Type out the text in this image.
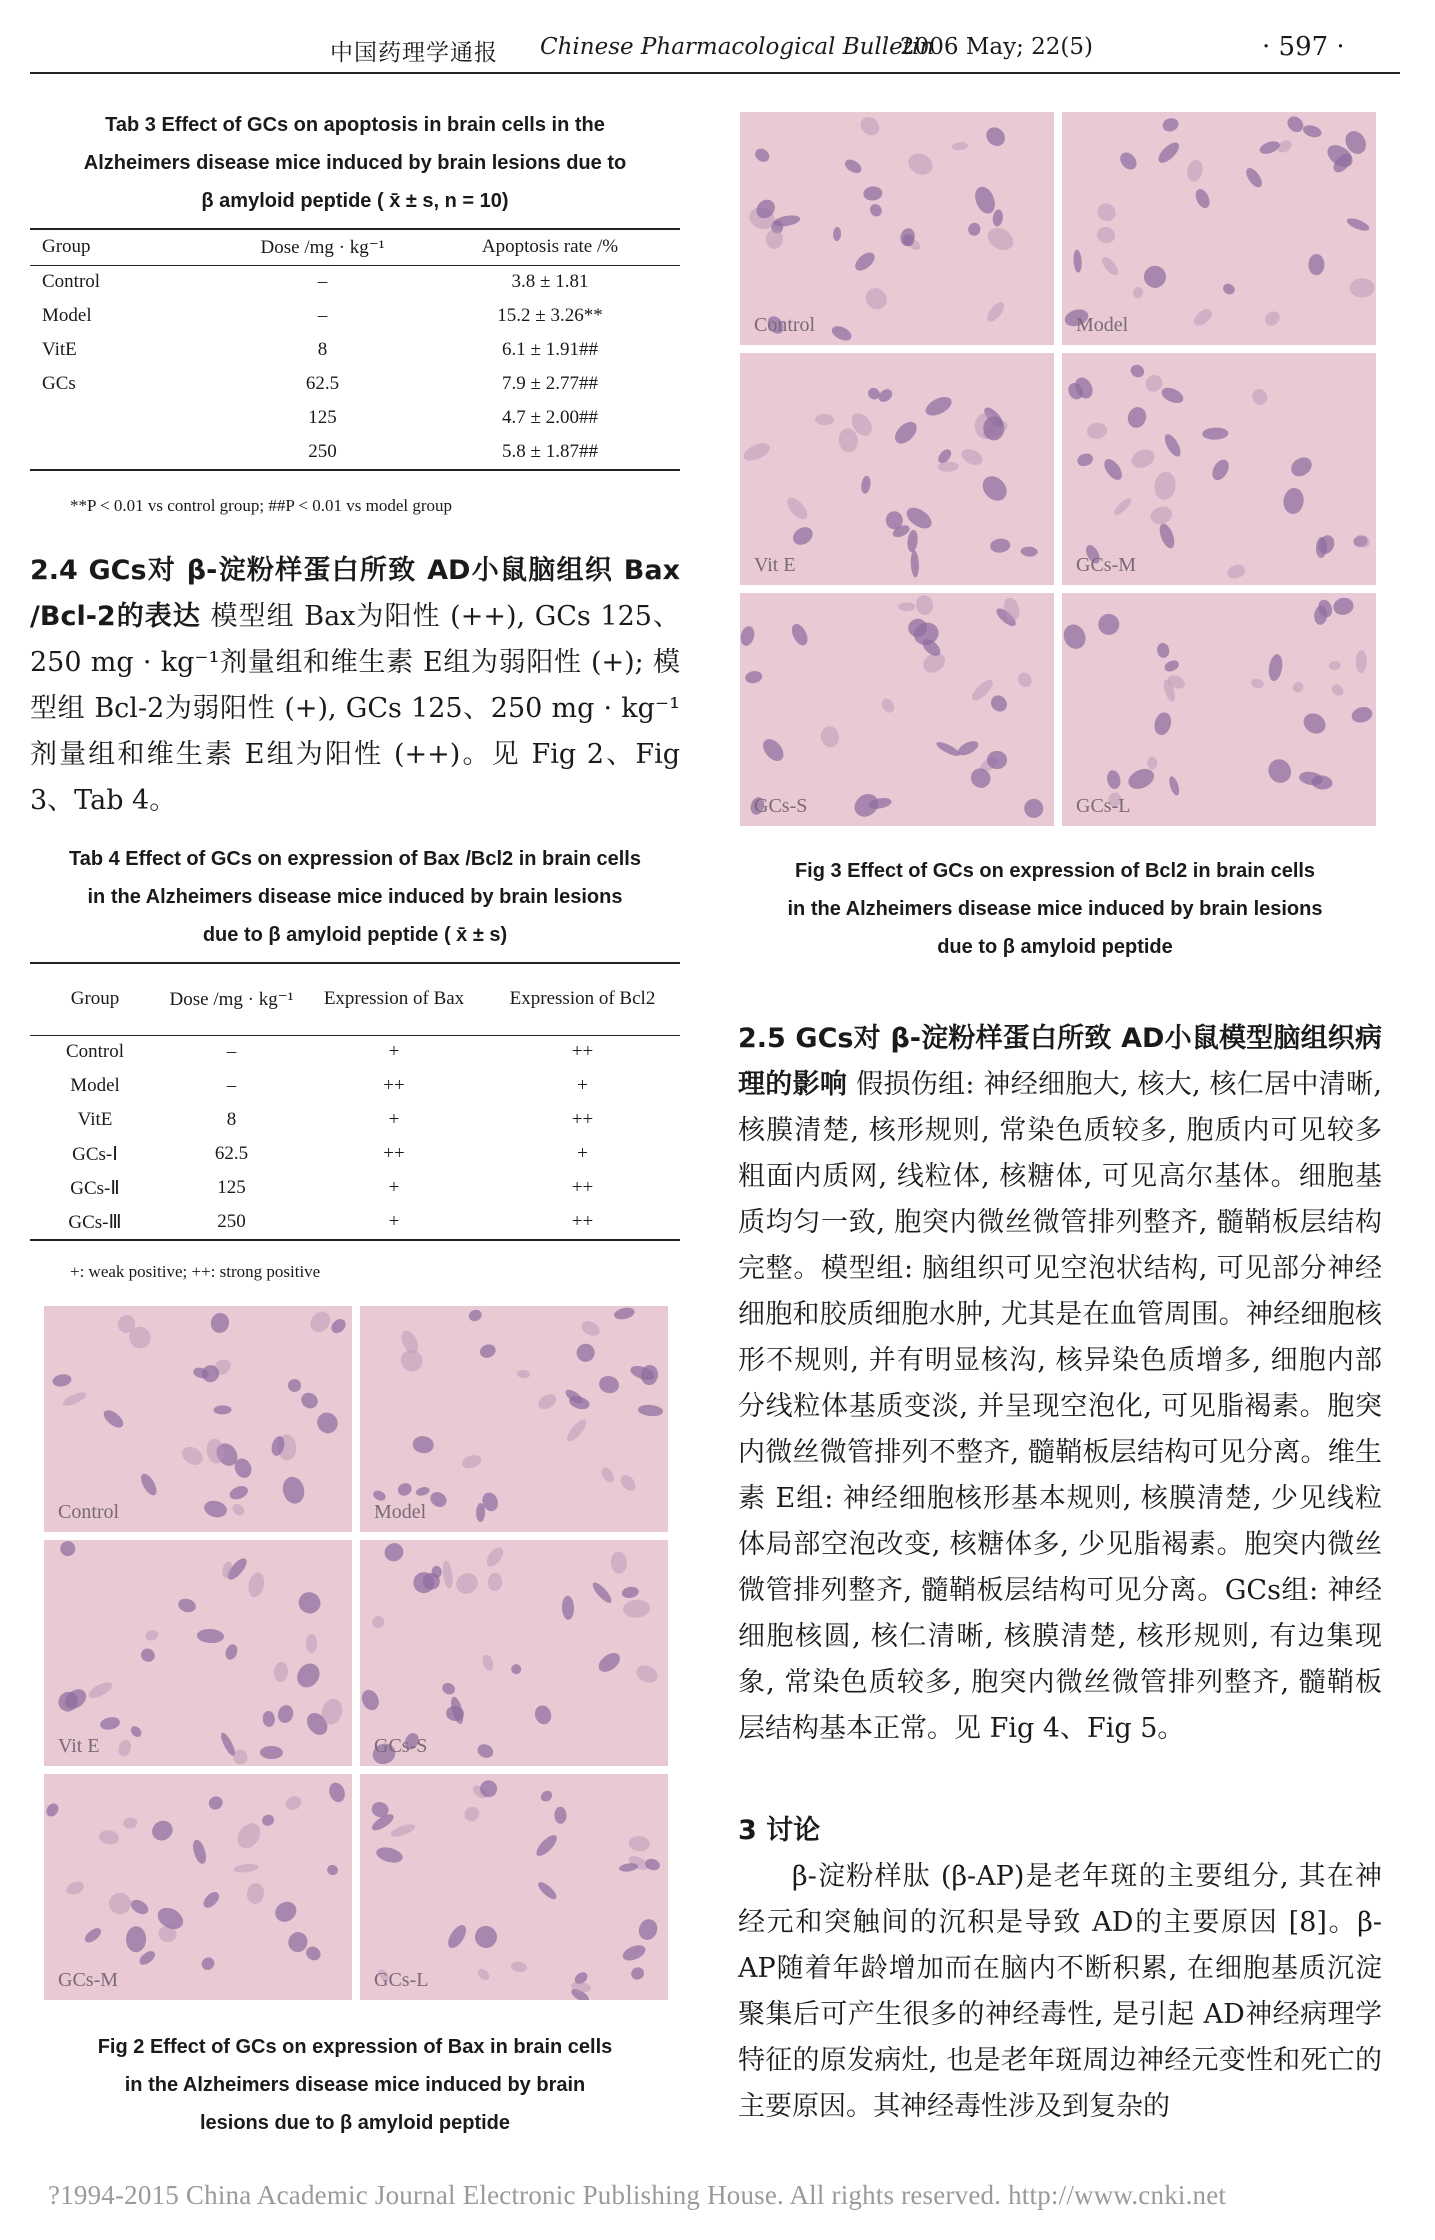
中国药理学通报 Chinese Pharmacological Bulletin
2006 May; 22(5)	· 597 ·
Tab 3 Effect of GCs on apoptosis in brain cells in the
Alzheimers disease mice induced by brain lesions due to
β amyloid peptide ( x̄ ± s, n = 10)
Group	Dose /mg · kg⁻¹	Apoptosis rate /%
Control	–	3.8 ± 1.81
Model	–	15.2 ± 3.26**
VitE	8	6.1 ± 1.91##
GCs	62.5	7.9 ± 2.77##
	125	4.7 ± 2.00##
	250	5.8 ± 1.87##
**P < 0.01 vs control group; ##P < 0.01 vs model group
2.4 GCs对 β-淀粉样蛋白所致 AD小鼠脑组织 Bax /Bcl-2的表达 模型组 Bax为阳性 (++), GCs 125、250 mg · kg⁻¹剂量组和维生素 E组为弱阳性 (+); 模型组 Bcl-2为弱阳性 (+), GCs 125、250 mg · kg⁻¹剂量组和维生素 E组为阳性 (++)。见 Fig 2、Fig 3、Tab 4。
Tab 4 Effect of GCs on expression of Bax /Bcl2 in brain cells
in the Alzheimers disease mice induced by brain lesions
due to β amyloid peptide ( x̄ ± s)
Group	Dose /mg · kg⁻¹	Expression of Bax	Expression of Bcl2
Control	–	+	++
Model	–	++	+
VitE	8	+	++
GCs-Ⅰ	62.5	++	+
GCs-Ⅱ	125	+	++
GCs-Ⅲ	250	+	++
+: weak positive; ++: strong positive
Control	Model
Vit E	GCs-S
GCs-M	GCs-L
Fig 2 Effect of GCs on expression of Bax in brain cells
in the Alzheimers disease mice induced by brain
lesions due to β amyloid peptide
Control	Model
Vit E	GCs-M
GCs-S	GCs-L
Fig 3 Effect of GCs on expression of Bcl2 in brain cells
in the Alzheimers disease mice induced by brain lesions
due to β amyloid peptide
2.5 GCs对 β-淀粉样蛋白所致 AD小鼠模型脑组织病理的影响 假损伤组: 神经细胞大, 核大, 核仁居中清晰, 核膜清楚, 核形规则, 常染色质较多, 胞质内可见较多粗面内质网, 线粒体, 核糖体, 可见高尔基体。细胞基质均匀一致, 胞突内微丝微管排列整齐, 髓鞘板层结构完整。模型组: 脑组织可见空泡状结构, 可见部分神经细胞和胶质细胞水肿, 尤其是在血管周围。神经细胞核形不规则, 并有明显核沟, 核异染色质增多, 细胞内部分线粒体基质变淡, 并呈现空泡化, 可见脂褐素。胞突内微丝微管排列不整齐, 髓鞘板层结构可见分离。维生素 E组: 神经细胞核形基本规则, 核膜清楚, 少见线粒体局部空泡改变, 核糖体多, 少见脂褐素。胞突内微丝微管排列整齐, 髓鞘板层结构可见分离。GCs组: 神经细胞核圆, 核仁清晰, 核膜清楚, 核形规则, 有边集现象, 常染色质较多, 胞突内微丝微管排列整齐, 髓鞘板层结构基本正常。见 Fig 4、Fig 5。
3 讨论
β-淀粉样肽 (β-AP)是老年斑的主要组分, 其在神经元和突触间的沉积是导致 AD的主要原因 [8]。β-AP随着年龄增加而在脑内不断积累, 在细胞基质沉淀聚集后可产生很多的神经毒性, 是引起 AD神经病理学特征的原发病灶, 也是老年斑周边神经元变性和死亡的主要原因。其神经毒性涉及到复杂的
?1994-2015 China Academic Journal Electronic Publishing House. All rights reserved. http://www.cnki.net
